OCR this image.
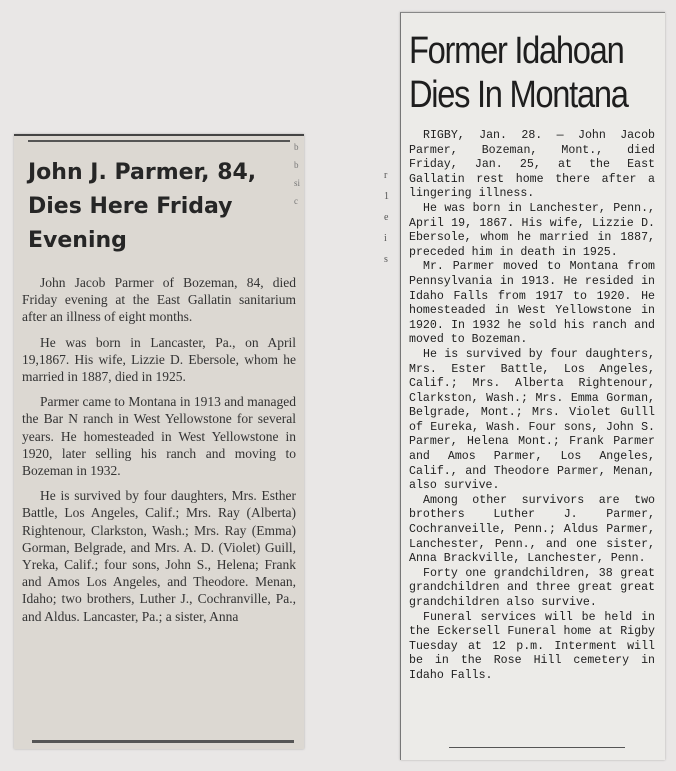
John J. Parmer, 84, Dies Here Friday Evening

John Jacob Parmer of Bozeman, 84, died Friday evening at the East Gallatin sanitarium after an illness of eight months.

He was born in Lancaster, Pa., on April 19,1867. His wife, Lizzie D. Ebersole, whom he married in 1887, died in 1925.

Parmer came to Montana in 1913 and managed the Bar N ranch in West Yellowstone for several years. He homesteaded in West Yellowstone in 1920, later selling his ranch and moving to Bozeman in 1932.

He is survived by four daughters, Mrs. Esther Battle, Los Angeles, Calif.; Mrs. Ray (Alberta) Rightenour, Clarkston, Wash.; Mrs. Ray (Emma) Gorman, Belgrade, and Mrs. A. D. (Violet) Guill, Yreka, Calif.; four sons, John S., Helena; Frank and Amos Los Angeles, and Theodore. Menan, Idaho; two brothers, Luther J., Cochranville, Pa., and Aldus. Lancaster, Pa.; a sister, Anna

b
b
si
c
r
1
e
i
s
Former Idahoan Dies In Montana

RIGBY, Jan. 28. — John Jacob Parmer, Bozeman, Mont., died Friday, Jan. 25, at the East Gallatin rest home there after a lingering illness.

He was born in Lanchester, Penn., April 19, 1867. His wife, Lizzie D. Ebersole, whom he married in 1887, preceded him in death in 1925.

Mr. Parmer moved to Montana from Pennsylvania in 1913. He resided in Idaho Falls from 1917 to 1920. He homesteaded in West Yellowstone in 1920. In 1932 he sold his ranch and moved to Bozeman.

He is survived by four daughters, Mrs. Ester Battle, Los Angeles, Calif.; Mrs. Alberta Rightenour, Clarkston, Wash.; Mrs. Emma Gorman, Belgrade, Mont.; Mrs. Violet Gulll of Eureka, Wash. Four sons, John S. Parmer, Helena Mont.; Frank Parmer and Amos Parmer, Los Angeles, Calif., and Theodore Parmer, Menan, also survive.

Among other survivors are two brothers Luther J. Parmer, Cochranveille, Penn.; Aldus Parmer, Lanchester, Penn., and one sister, Anna Brackville, Lanchester, Penn.

Forty one grandchildren, 38 great grandchildren and three great great grandchildren also survive.

Funeral services will be held in the Eckersell Funeral home at Rigby Tuesday at 12 p.m. Interment will be in the Rose Hill cemetery in Idaho Falls.
